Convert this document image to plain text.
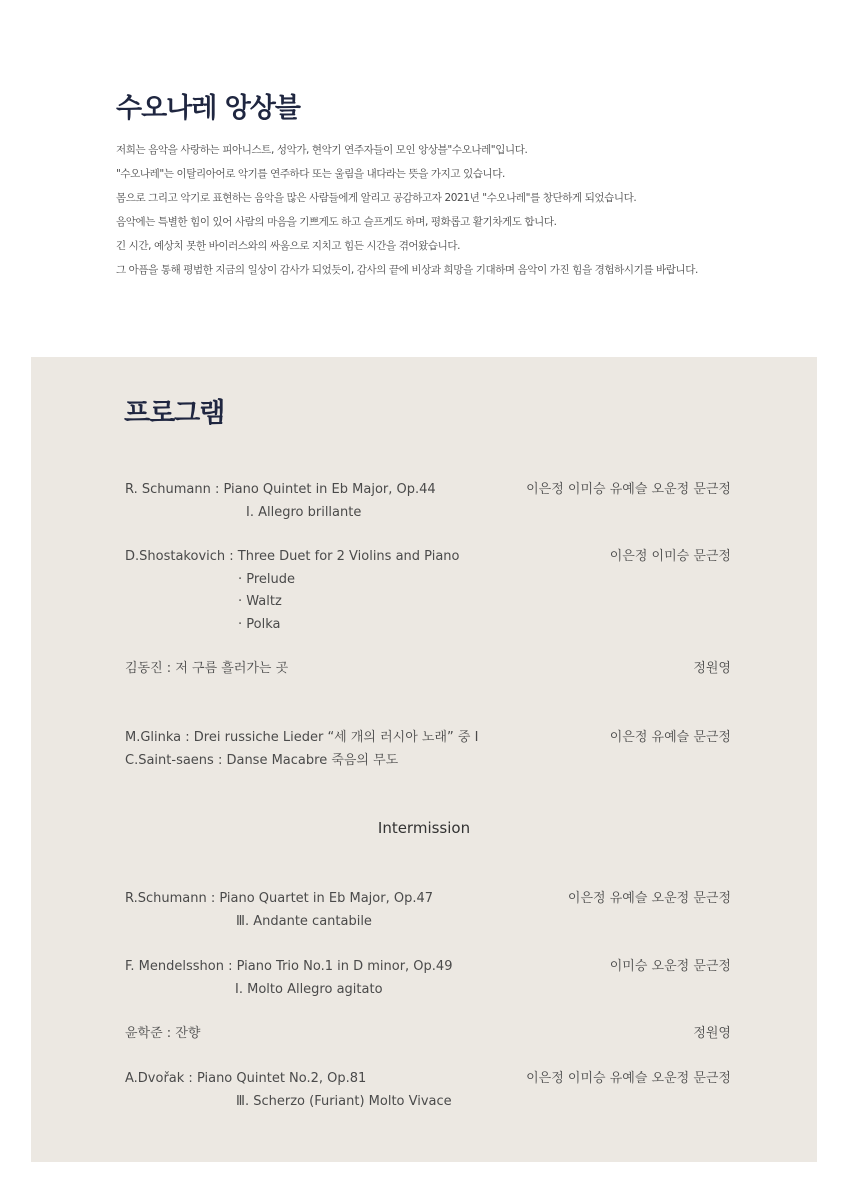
수오나레 앙상블
저희는 음악을 사랑하는 피아니스트, 성악가, 현악기 연주자들이 모인 앙상블"수오나레"입니다.
"수오나레"는 이탈리아어로 악기를 연주하다 또는 울림을 내다라는 뜻을 가지고 있습니다.
몸으로 그리고 악기로 표현하는 음악을 많은 사람들에게 알리고 공감하고자 2021년 "수오나레"를 창단하게 되었습니다.
음악에는 특별한 힘이 있어 사람의 마음을 기쁘게도 하고 슬프게도 하며, 평화롭고 활기차게도 합니다.
긴 시간, 예상치 못한 바이러스와의 싸움으로 지치고 힘든 시간을 겪어왔습니다.
그 아픔을 통해 평범한 지금의 일상이 감사가 되었듯이, 감사의 끝에 비상과 희망을 기대하며 음악이 가진 힘을 경험하시기를 바랍니다.
프로그램
R. Schumann : Piano Quintet in Eb Major, Op.44
Ⅰ. Allegro brillante
이은정 이미승 유예슬 오운정 문근정
D.Shostakovich : Three Duet for 2 Violins and Piano
· Prelude
· Waltz
· Polka
이은정 이미승 문근정
김동진 : 저 구름 흘러가는 곳	정원영
M.Glinka : Drei russiche Lieder “세 개의 러시아 노래” 중 Ⅰ
C.Saint-saens : Danse Macabre 죽음의 무도
이은정 유예슬 문근정
Intermission
R.Schumann : Piano Quartet in Eb Major, Op.47
Ⅲ. Andante cantabile
이은정 유예슬 오운정 문근정
F. Mendelsshon : Piano Trio No.1 in D minor, Op.49
Ⅰ. Molto Allegro agitato
이미승 오운정 문근정
윤학준 : 잔향	정원영
A.Dvořak : Piano Quintet No.2, Op.81
Ⅲ. Scherzo (Furiant) Molto Vivace
이은정 이미승 유예슬 오운정 문근정
